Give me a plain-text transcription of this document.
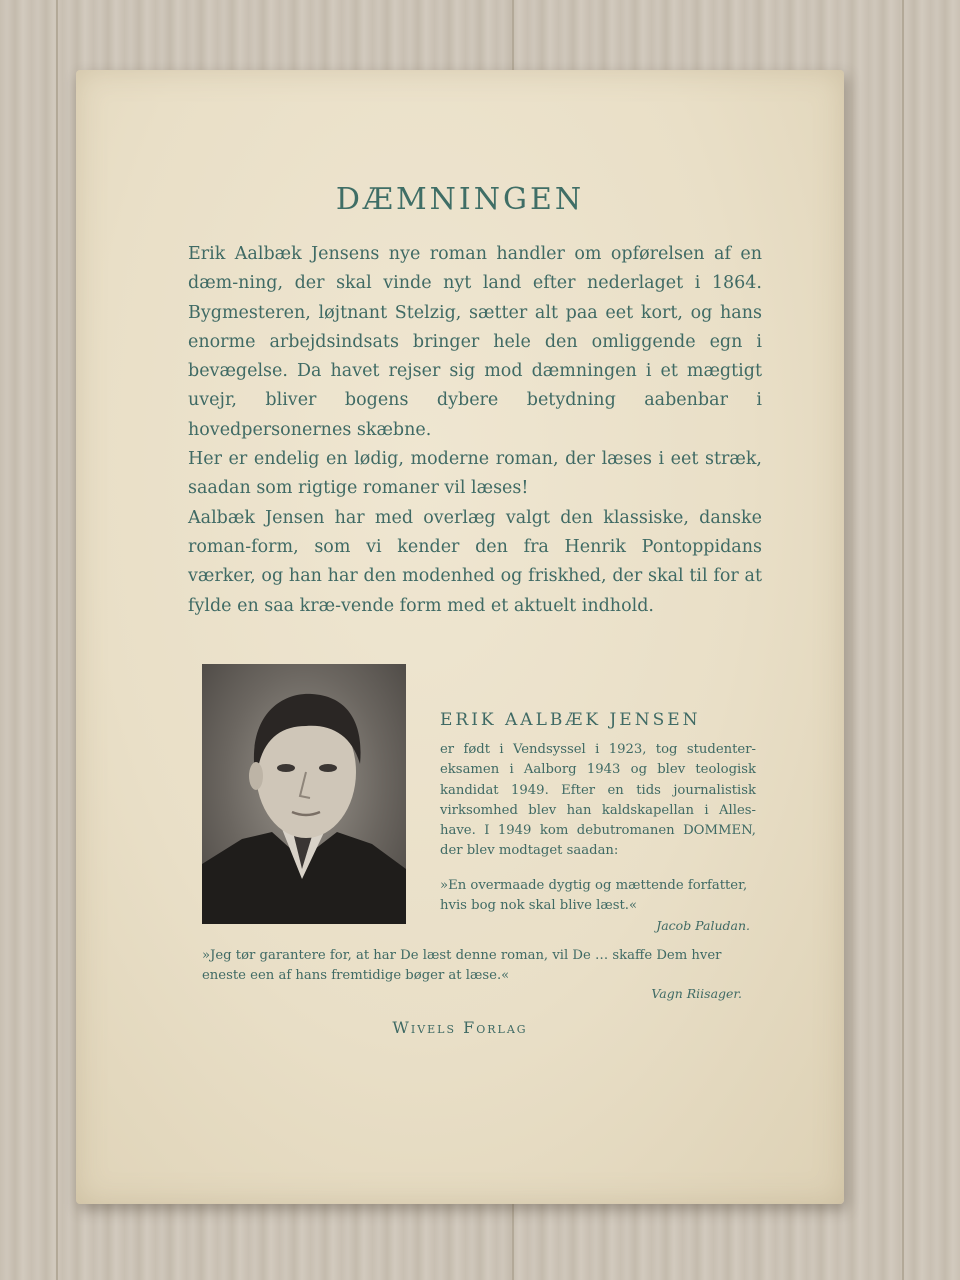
DÆMNINGEN

Erik Aalbæk Jensens nye roman handler om opførelsen af en dæm-ning, der skal vinde nyt land efter nederlaget i 1864. Bygmesteren, løjtnant Stelzig, sætter alt paa eet kort, og hans enorme arbejdsindsats bringer hele den omliggende egn i bevægelse. Da havet rejser sig mod dæmningen i et mægtigt uvejr, bliver bogens dybere betydning aabenbar i hovedpersonernes skæbne.

Her er endelig en lødig, moderne roman, der læses i eet stræk, saadan som rigtige romaner vil læses!

Aalbæk Jensen har med overlæg valgt den klassiske, danske roman-form, som vi kender den fra Henrik Pontoppidans værker, og han har den modenhed og friskhed, der skal til for at fylde en saa kræ-vende form med et aktuelt indhold.

ERIK AALBÆK JENSEN
er født i Vendsyssel i 1923, tog studenter-eksamen i Aalborg 1943 og blev teologisk kandidat 1949. Efter en tids journalistisk virksomhed blev han kaldskapellan i Alles-have. I 1949 kom debutromanen DOMMEN, der blev modtaget saadan:
»En overmaade dygtig og mættende forfatter, hvis bog nok skal blive læst.«
Jacob Paludan.
»Jeg tør garantere for, at har De læst denne roman, vil De … skaffe Dem hver eneste een af hans fremtidige bøger at læse.«
Vagn Riisager.
Wivels Forlag
